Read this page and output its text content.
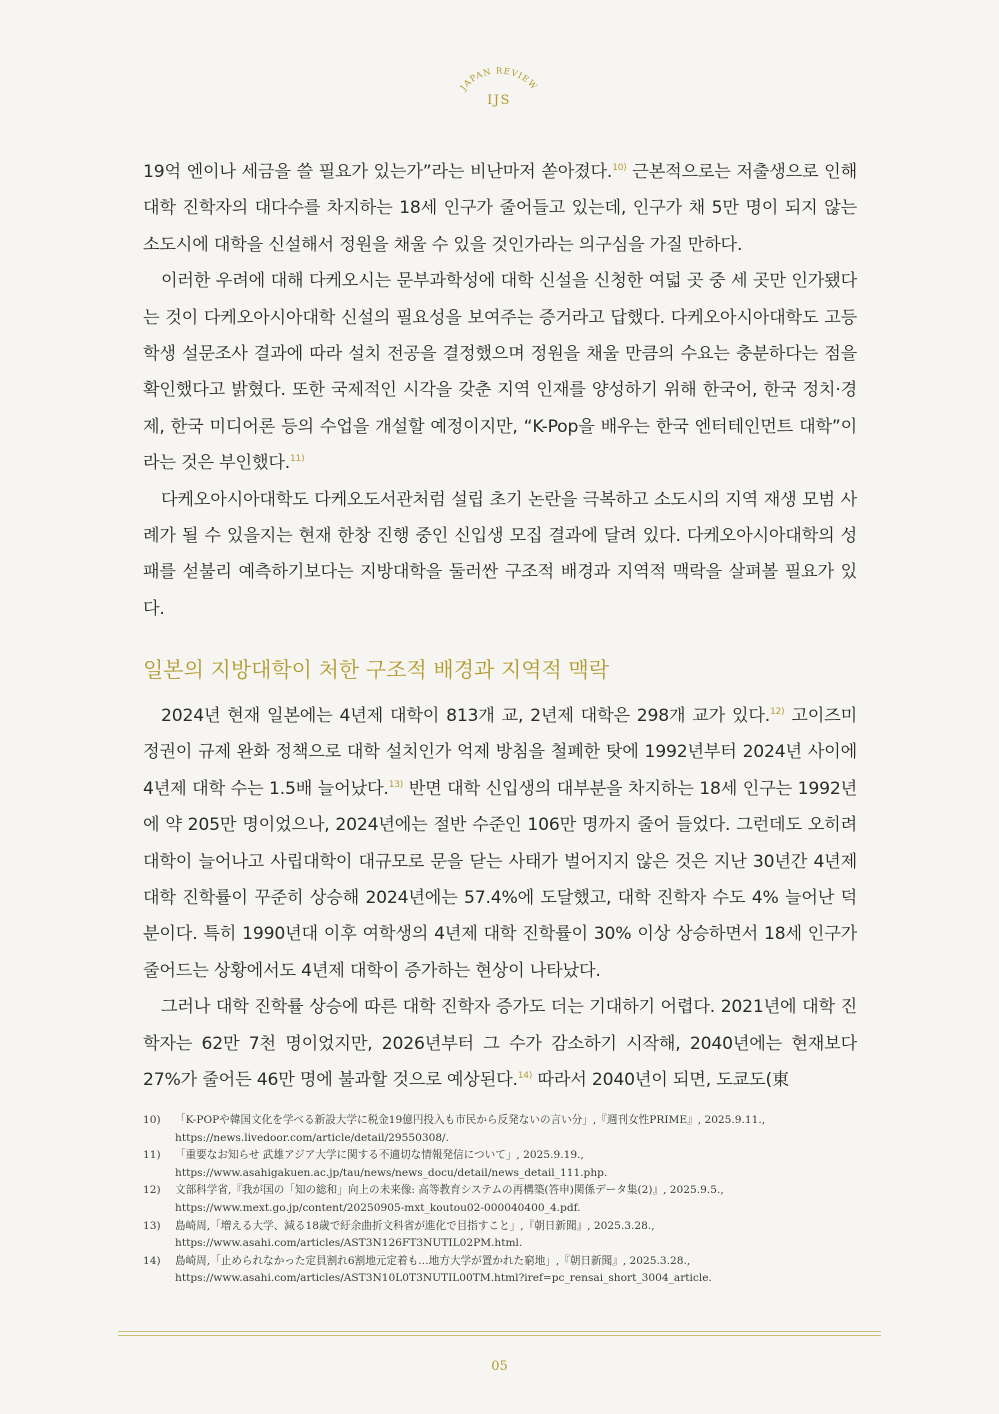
JAPAN REVIEW
IJS

19억 엔이나 세금을 쓸 필요가 있는가”라는 비난마저 쏟아졌다.$^{10)}$ 근본적으로는 저출생으로 인해 대학 진학자의 대다수를 차지하는 18세 인구가 줄어들고 있는데, 인구가 채 5만 명이 되지 않는 소도시에 대학을 신설해서 정원을 채울 수 있을 것인가라는 의구심을 가질 만하다.

이러한 우려에 대해 다케오시는 문부과학성에 대학 신설을 신청한 여덟 곳 중 세 곳만 인가됐다는 것이 다케오아시아대학 신설의 필요성을 보여주는 증거라고 답했다. 다케오아시아대학도 고등학생 설문조사 결과에 따라 설치 전공을 결정했으며 정원을 채울 만큼의 수요는 충분하다는 점을 확인했다고 밝혔다. 또한 국제적인 시각을 갖춘 지역 인재를 양성하기 위해 한국어, 한국 정치·경제, 한국 미디어론 등의 수업을 개설할 예정이지만, “K-Pop을 배우는 한국 엔터테인먼트 대학”이라는 것은 부인했다.$^{11)}$

다케오아시아대학도 다케오도서관처럼 설립 초기 논란을 극복하고 소도시의 지역 재생 모범 사례가 될 수 있을지는 현재 한창 진행 중인 신입생 모집 결과에 달려 있다. 다케오아시아대학의 성패를 섣불리 예측하기보다는 지방대학을 둘러싼 구조적 배경과 지역적 맥락을 살펴볼 필요가 있다.

일본의 지방대학이 처한 구조적 배경과 지역적 맥락

2024년 현재 일본에는 4년제 대학이 813개 교, 2년제 대학은 298개 교가 있다.$^{12)}$ 고이즈미 정권이 규제 완화 정책으로 대학 설치인가 억제 방침을 철폐한 탓에 1992년부터 2024년 사이에 4년제 대학 수는 1.5배 늘어났다.$^{13)}$ 반면 대학 신입생의 대부분을 차지하는 18세 인구는 1992년에 약 205만 명이었으나, 2024년에는 절반 수준인 106만 명까지 줄어 들었다. 그런데도 오히려 대학이 늘어나고 사립대학이 대규모로 문을 닫는 사태가 벌어지지 않은 것은 지난 30년간 4년제 대학 진학률이 꾸준히 상승해 2024년에는 57.4%에 도달했고, 대학 진학자 수도 4% 늘어난 덕분이다. 특히 1990년대 이후 여학생의 4년제 대학 진학률이 30% 이상 상승하면서 18세 인구가 줄어드는 상황에서도 4년제 대학이 증가하는 현상이 나타났다.

그러나 대학 진학률 상승에 따른 대학 진학자 증가도 더는 기대하기 어렵다. 2021년에 대학 진학자는 62만 7천 명이었지만, 2026년부터 그 수가 감소하기 시작해, 2040년에는 현재보다 27%가 줄어든 46만 명에 불과할 것으로 예상된다.$^{14)}$ 따라서 2040년이 되면, 도쿄도(東

10)	「K-POPや韓国文化を学べる新設大学に税金19億円投入も市民から反発ないの言い分」,『週刊女性PRIME』, 2025.9.11.,
https://news.livedoor.com/article/detail/29550308/.
11)	「重要なお知らせ 武雄アジア大学に関する不適切な情報発信について」, 2025.9.19.,
https://www.asahigakuen.ac.jp/tau/news/news_docu/detail/news_detail_111.php.
12)	文部科学省,『我が国の「知の総和」向上の未来像: 高等教育システムの再構築(答申)関係データ集(2)』, 2025.9.5.,
https://www.mext.go.jp/content/20250905-mxt_koutou02-000040400_4.pdf.
13)	島崎周,「増える大学、減る18歳で紆余曲折文科省が進化で目指すこと」,『朝日新聞』, 2025.3.28.,
https://www.asahi.com/articles/AST3N126FT3NUTIL02PM.html.
14)	島崎周,「止められなかった定員割れ6割地元定着も…地方大学が置かれた窮地」,『朝日新聞』, 2025.3.28.,
https://www.asahi.com/articles/AST3N10L0T3NUTIL00TM.html?iref=pc_rensai_short_3004_article.
05
